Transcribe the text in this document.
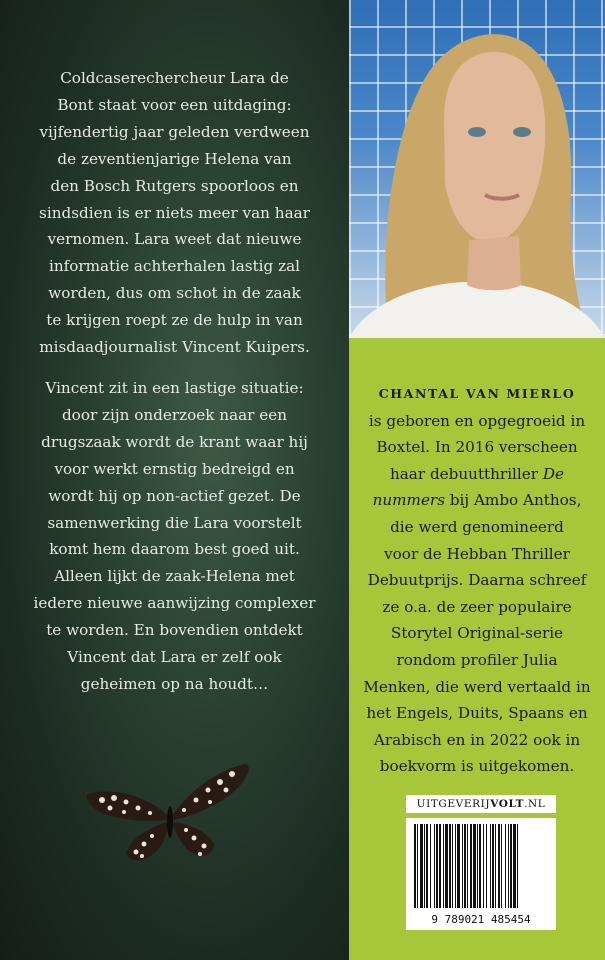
Coldcaserechercheur Lara de

Bont staat voor een uitdaging:

vijfendertig jaar geleden verdween

de zeventienjarige Helena van

den Bosch Rutgers spoorloos en

sindsdien is er niets meer van haar

vernomen. Lara weet dat nieuwe

informatie achterhalen lastig zal

worden, dus om schot in de zaak

te krijgen roept ze de hulp in van

misdaadjournalist Vincent Kuipers.

Vincent zit in een lastige situatie:

door zijn onderzoek naar een

drugszaak wordt de krant waar hij

voor werkt ernstig bedreigd en

wordt hij op non-actief gezet. De

samenwerking die Lara voorstelt

komt hem daarom best goed uit.

Alleen lijkt de zaak-Helena met

iedere nieuwe aanwijzing complexer

te worden. En bovendien ontdekt

Vincent dat Lara er zelf ook

geheimen op na houdt…

CHANTAL VAN MIERLO

is geboren en opgegroeid in

Boxtel. In 2016 verscheen

haar debuutthriller De

nummers bij Ambo Anthos,

die werd genomineerd

voor de Hebban Thriller

Debuutprijs. Daarna schreef

ze o.a. de zeer populaire

Storytel Original-serie

rondom profiler Julia

Menken, die werd vertaald in

het Engels, Duits, Spaans en

Arabisch en in 2022 ook in

boekvorm is uitgekomen.

UITGEVERIJVOLT.NL
9 789021 485454
